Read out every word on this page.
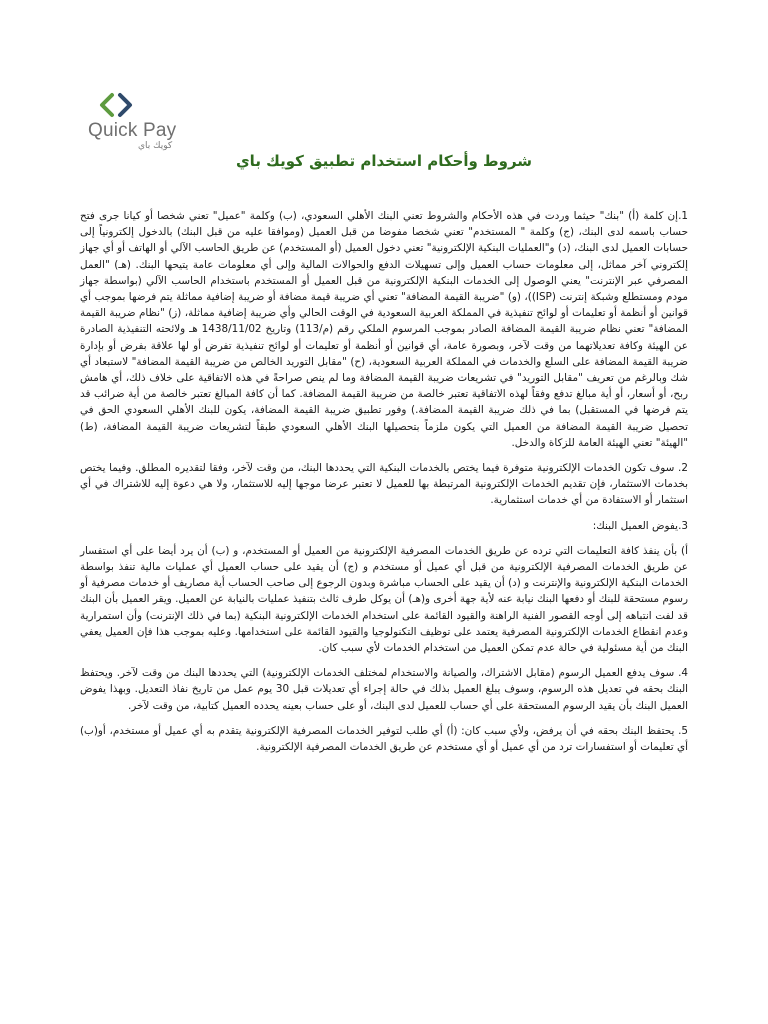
Quick Pay
كويك باي
شروط وأحكام استخدام تطبيق كويك باي

1.إن كلمة (أ) "بنك" حيثما وردت في هذه الأحكام والشروط تعني البنك الأهلي السعودي، (ب) وكلمة "عميل" تعني شخصا أو كيانا جرى فتح حساب باسمه لدى البنك، (ج) وكلمة " المستخدم" تعني شخصا مفوضا من قبل العميل (وموافقا عليه من قبل البنك) بالدخول إلكترونياً إلى حسابات العميل لدى البنك، (د) و"العمليات البنكية الإلكترونية" تعني دخول العميل (أو المستخدم) عن طريق الحاسب الآلي أو الهاتف أو أي جهاز إلكتروني آخر مماثل، إلى معلومات حساب العميل وإلى تسهيلات الدفع والحوالات المالية وإلى أي معلومات عامة يتيحها البنك. (هـ) "العمل المصرفي عبر الإنترنت" يعني الوصول إلى الخدمات البنكية الإلكترونية من قبل العميل أو المستخدم باستخدام الحاسب الآلي (بواسطة جهاز مودم ومستطلع وشبكة إنترنت (ISP))، (و) "ضريبة القيمة المضافة" تعني أي ضريبة قيمة مضافة أو ضريبة إضافية مماثلة يتم فرضها بموجب أي قوانين أو أنظمة أو تعليمات أو لوائح تنفيذية في المملكة العربية السعودية في الوقت الحالي وأي ضريبة إضافية مماثلة، (ز) "نظام ضريبة القيمة المضافة" تعني نظام ضريبة القيمة المضافة الصادر بموجب المرسوم الملكي رقم (م/113) وتاريخ 1438/11/02 هـ ولائحته التنفيذية الصادرة عن الهيئة وكافة تعديلاتهما من وقت لآخر، وبصورة عامة، أي قوانين أو أنظمة أو تعليمات أو لوائح تنفيذية تفرض أو لها علاقة بفرض أو بإدارة ضريبة القيمة المضافة على السلع والخدمات في المملكة العربية السعودية، (ح) "مقابل التوريد الخالص من ضريبة القيمة المضافة" لاستبعاد أي شك وبالرغم من تعريف "مقابل التوريد" في تشريعات ضريبة القيمة المضافة وما لم ينص صراحةً في هذه الاتفاقية على خلاف ذلك، أي هامش ربح، أو أسعار، أو أية مبالغ تدفع وفقاً لهذه الاتفاقية تعتبر خالصة من ضريبة القيمة المضافة. كما أن كافة المبالغ تعتبر خالصة من أية ضرائب قد يتم فرضها في المستقبل) بما في ذلك ضريبة القيمة المضافة.) وفور تطبيق ضريبة القيمة المضافة، يكون للبنك الأهلي السعودي الحق في تحصيل ضريبة القيمة المضافة من العميل التي يكون ملزماً بتحصيلها البنك الأهلي السعودي طبقاً لتشريعات ضريبة القيمة المضافة، (ط) "الهيئة" تعني الهيئة العامة للزكاة والدخل.

2. سوف تكون الخدمات الإلكترونية متوفرة فيما يختص بالخدمات البنكية التي يحددها البنك، من وقت لآخر، وفقا لتقديره المطلق. وفيما يختص بخدمات الاستثمار، فإن تقديم الخدمات الإلكترونية المرتبطة بها للعميل لا تعتبر عرضا موجها إليه للاستثمار، ولا هي دعوة إليه للاشتراك في أي استثمار أو الاستفادة من أي خدمات استثمارية.

3.يفوض العميل البنك:

أ) بأن ينفذ كافة التعليمات التي ترده عن طريق الخدمات المصرفية الإلكترونية من العميل أو المستخدم، و (ب) أن يرد أيضا على أي استفسار عن طريق الخدمات المصرفية الإلكترونية من قبل أي عميل أو مستخدم و (ج) أن يقيد على حساب العميل أي عمليات مالية تنفذ بواسطة الخدمات البنكية الإلكترونية والإنترنت و (د) أن يقيد على الحساب مباشرة وبدون الرجوع إلى صاحب الحساب أية مصاريف أو خدمات مصرفية أو رسوم مستحقة للبنك أو دفعها البنك نيابة عنه لأية جهة أخرى و(هـ) أن يوكل طرف ثالث بتنفيذ عمليات بالنيابة عن العميل. ويقر العميل بأن البنك قد لفت انتباهه إلى أوجه القصور الفنية الراهنة والقيود القائمة على استخدام الخدمات الإلكترونية البنكية (بما في ذلك الإنترنت) وأن استمرارية وعدم انقطاع الخدمات الإلكترونية المصرفية يعتمد على توظيف التكنولوجيا والقيود القائمة على استخدامها. وعليه بموجب هذا فإن العميل يعفي البنك من أية مسئولية في حالة عدم تمكن العميل من استخدام الخدمات لأي سبب كان.

4. سوف يدفع العميل الرسوم (مقابل الاشتراك، والصيانة والاستخدام لمختلف الخدمات الإلكترونية) التي يحددها البنك من وقت لآخر. ويحتفظ البنك بحقه في تعديل هذه الرسوم، وسوف يبلغ العميل بذلك في حالة إجراء أي تعديلات قبل 30 يوم عمل من تاريخ نفاذ التعديل. وبهذا يفوض العميل البنك بأن يقيد الرسوم المستحقة على أي حساب للعميل لدى البنك، أو على حساب بعينه يحدده العميل كتابية، من وقت لآخر.

5. يحتفظ البنك بحقه في أن يرفض، ولأي سبب كان: (أ) أي طلب لتوفير الخدمات المصرفية الإلكترونية يتقدم به أي عميل أو مستخدم، أو(ب) أي تعليمات أو استفسارات ترد من أي عميل أو أي مستخدم عن طريق الخدمات المصرفية الإلكترونية.
